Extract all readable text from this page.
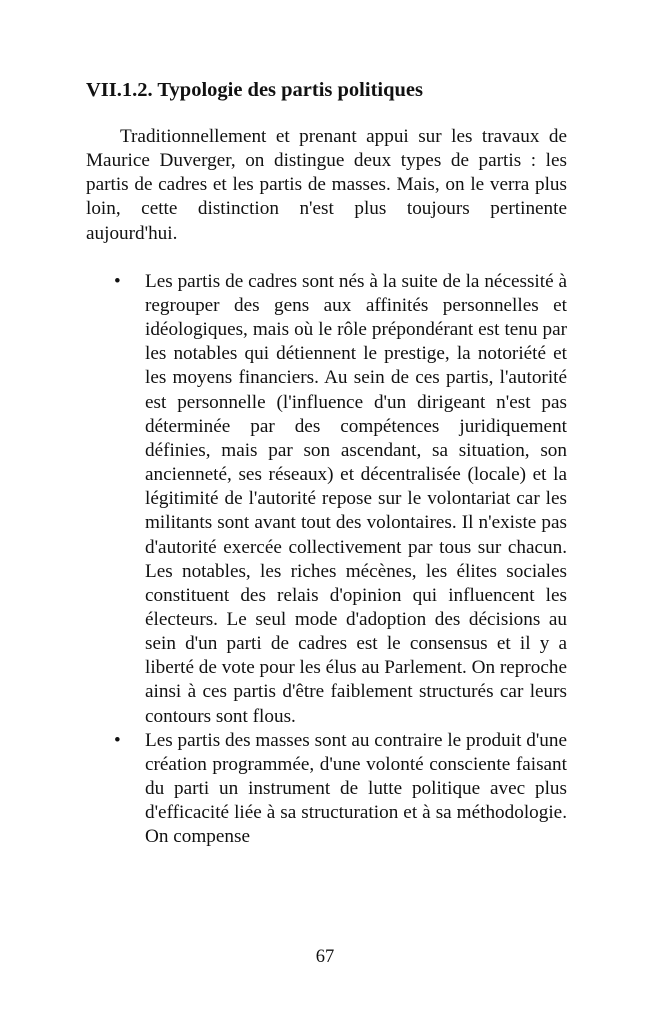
VII.1.2. Typologie des partis politiques

Traditionnellement et prenant appui sur les travaux de Maurice Duverger, on distingue deux types de partis : les partis de cadres et les partis de masses. Mais, on le verra plus loin, cette distinction n'est plus toujours pertinente aujourd'hui.

• Les partis de cadres sont nés à la suite de la nécessité à regrouper des gens aux affinités personnelles et idéologiques, mais où le rôle prépondérant est tenu par les notables qui détiennent le prestige, la notoriété et les moyens financiers. Au sein de ces partis, l'autorité est personnelle (l'influence d'un dirigeant n'est pas déterminée par des compétences juridiquement définies, mais par son ascendant, sa situation, son ancienneté, ses réseaux) et décentralisée (locale) et la légitimité de l'autorité repose sur le volontariat car les militants sont avant tout des volontaires. Il n'existe pas d'autorité exercée collectivement par tous sur chacun. Les notables, les riches mécènes, les élites sociales constituent des relais d'opinion qui influencent les électeurs. Le seul mode d'adoption des décisions au sein d'un parti de cadres est le consensus et il y a liberté de vote pour les élus au Parlement. On reproche ainsi à ces partis d'être faiblement structurés car leurs contours sont flous.
• Les partis des masses sont au contraire le produit d'une création programmée, d'une volonté consciente faisant du parti un instrument de lutte politique avec plus d'efficacité liée à sa structuration et à sa méthodologie. On compense
67
